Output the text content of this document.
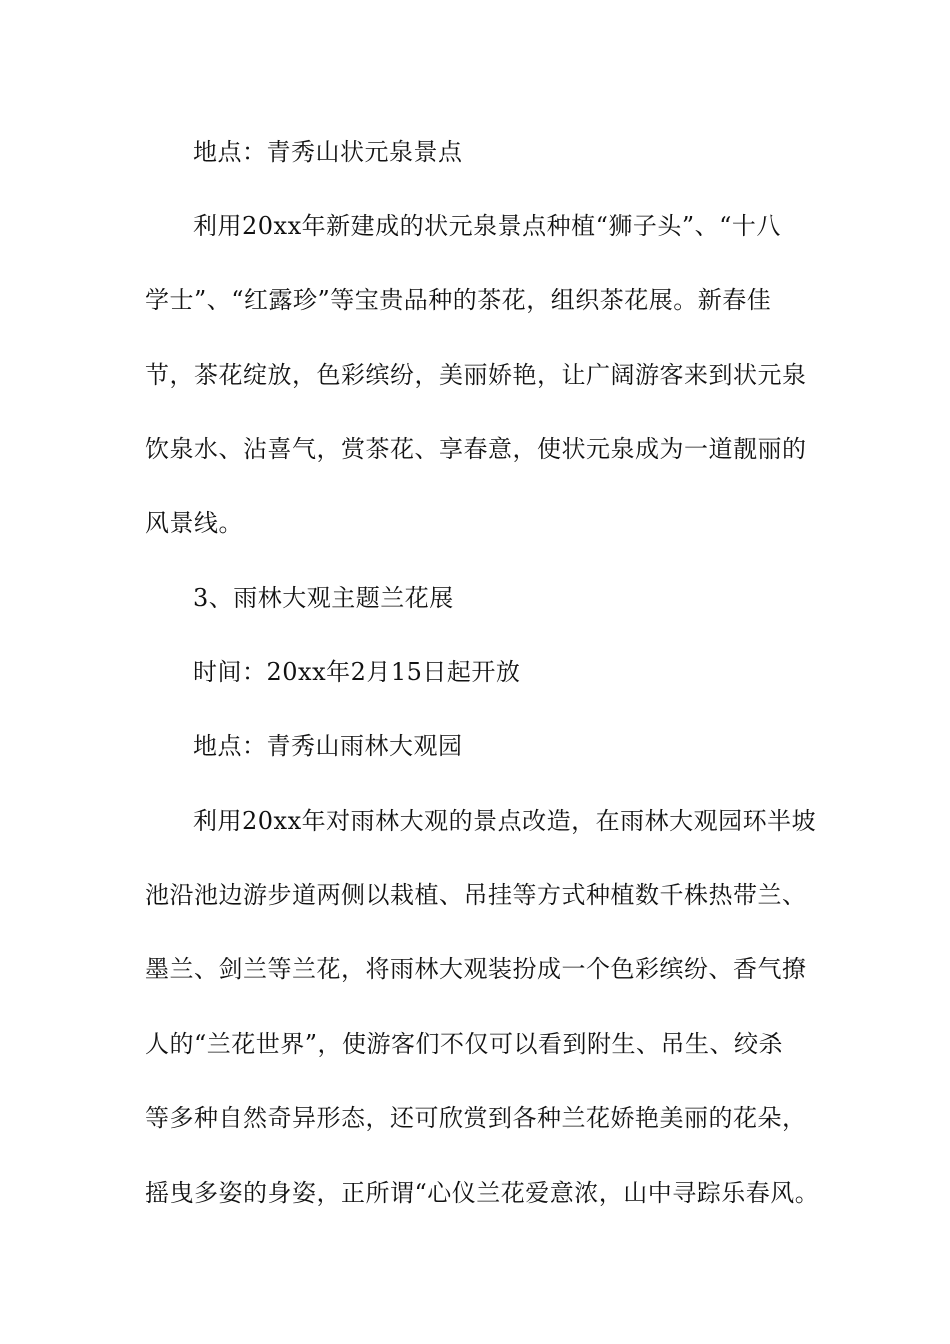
地点：青秀山状元泉景点
利用20xx年新建成的状元泉景点种植“狮子头”、“十八
学士”、“红露珍”等宝贵品种的茶花，组织茶花展。新春佳
节，茶花绽放，色彩缤纷，美丽娇艳，让广阔游客来到状元泉
饮泉水、沾喜气，赏茶花、享春意，使状元泉成为一道靓丽的
风景线。
3、雨林大观主题兰花展
时间：20xx年2月15日起开放
地点：青秀山雨林大观园
利用20xx年对雨林大观的景点改造，在雨林大观园环半坡
池沿池边游步道两侧以栽植、吊挂等方式种植数千株热带兰、
墨兰、剑兰等兰花，将雨林大观装扮成一个色彩缤纷、香气撩
人的“兰花世界”，使游客们不仅可以看到附生、吊生、绞杀
等多种自然奇异形态，还可欣赏到各种兰花娇艳美丽的花朵，
摇曳多姿的身姿，正所谓“心仪兰花爱意浓，山中寻踪乐春风。
